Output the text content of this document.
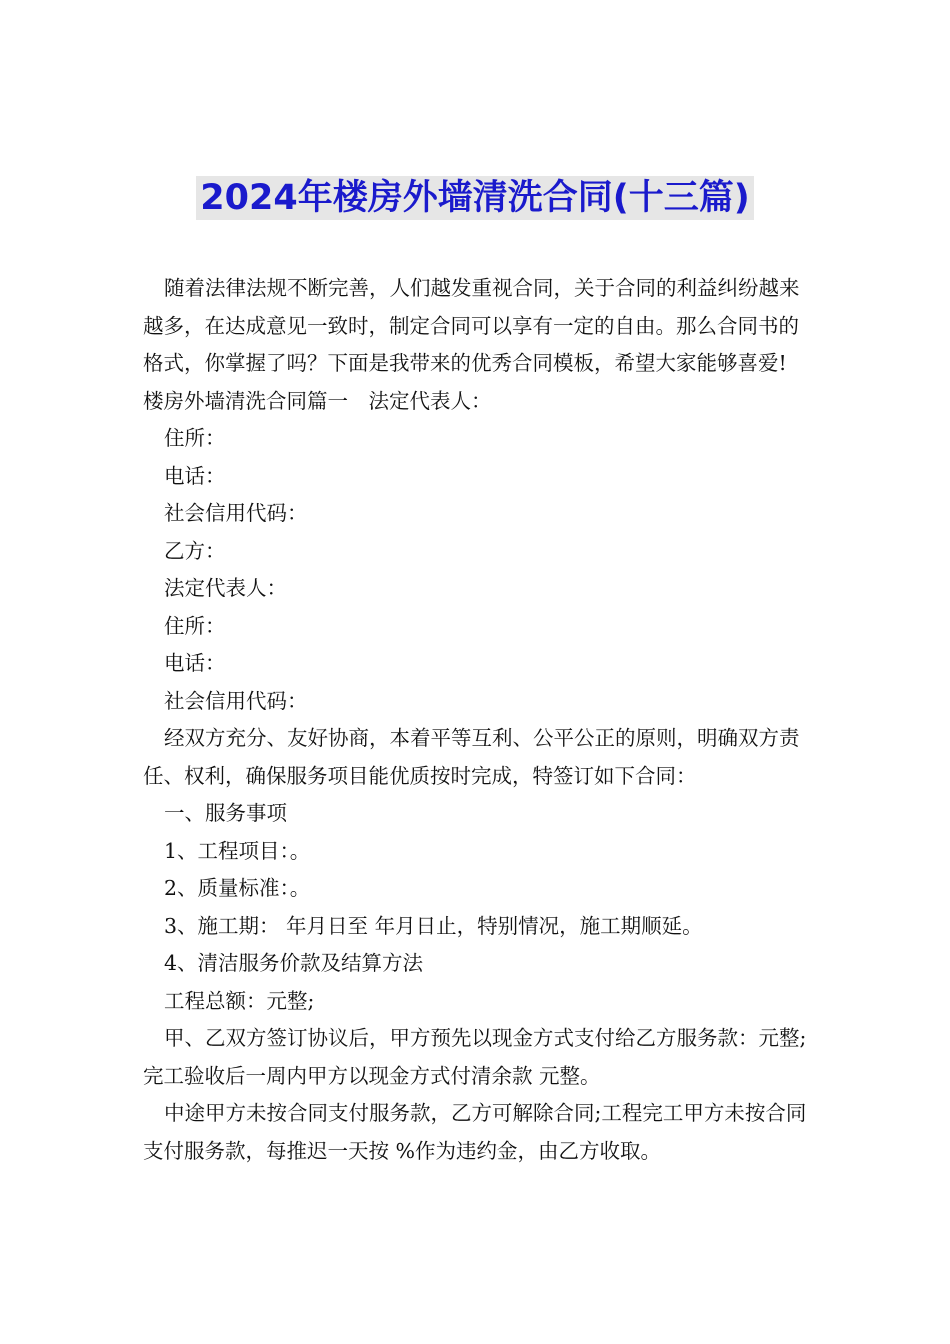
2024年楼房外墙清洗合同(十三篇)

随着法律法规不断完善，人们越发重视合同，关于合同的利益纠纷越来越多，在达成意见一致时，制定合同可以享有一定的自由。那么合同书的格式，你掌握了吗？下面是我带来的优秀合同模板，希望大家能够喜爱!

楼房外墙清洗合同篇一　法定代表人：

住所：

电话：

社会信用代码：

乙方：

法定代表人：

住所：

电话：

社会信用代码：

经双方充分、友好协商，本着平等互利、公平公正的原则，明确双方责任、权利，确保服务项目能优质按时完成，特签订如下合同：

一、服务事项

1、工程项目：。

2、质量标准：。

3、施工期： 年月日至 年月日止，特别情况，施工期顺延。

4、清洁服务价款及结算方法

工程总额：元整;

甲、乙双方签订协议后，甲方预先以现金方式支付给乙方服务款：元整;完工验收后一周内甲方以现金方式付清余款 元整。

中途甲方未按合同支付服务款，乙方可解除合同;工程完工甲方未按合同支付服务款，每推迟一天按 %作为违约金，由乙方收取。
